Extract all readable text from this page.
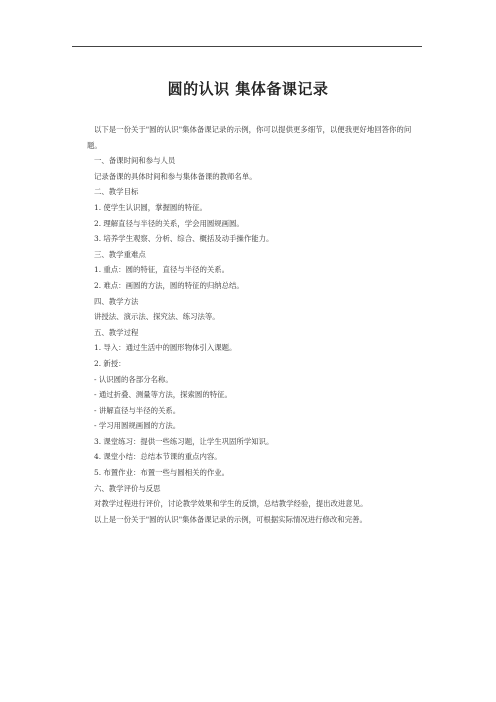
圆的认识 集体备课记录

以下是一份关于"圆的认识"集体备课记录的示例，你可以提供更多细节，以便我更好地回答你的问题。

一、备课时间和参与人员

记录备课的具体时间和参与集体备课的教师名单。

二、教学目标

1. 使学生认识圆，掌握圆的特征。

2. 理解直径与半径的关系，学会用圆规画圆。

3. 培养学生观察、分析、综合、概括及动手操作能力。

三、教学重难点

1. 重点：圆的特征，直径与半径的关系。

2. 难点：画圆的方法，圆的特征的归纳总结。

四、教学方法

讲授法、演示法、探究法、练习法等。

五、教学过程

1. 导入：通过生活中的圆形物体引入课题。

2. 新授：

- 认识圆的各部分名称。

- 通过折叠、测量等方法，探索圆的特征。

- 讲解直径与半径的关系。

- 学习用圆规画圆的方法。

3. 课堂练习：提供一些练习题，让学生巩固所学知识。

4. 课堂小结：总结本节课的重点内容。

5. 布置作业：布置一些与圆相关的作业。

六、教学评价与反思

对教学过程进行评价，讨论教学效果和学生的反馈，总结教学经验，提出改进意见。

以上是一份关于"圆的认识"集体备课记录的示例，可根据实际情况进行修改和完善。
